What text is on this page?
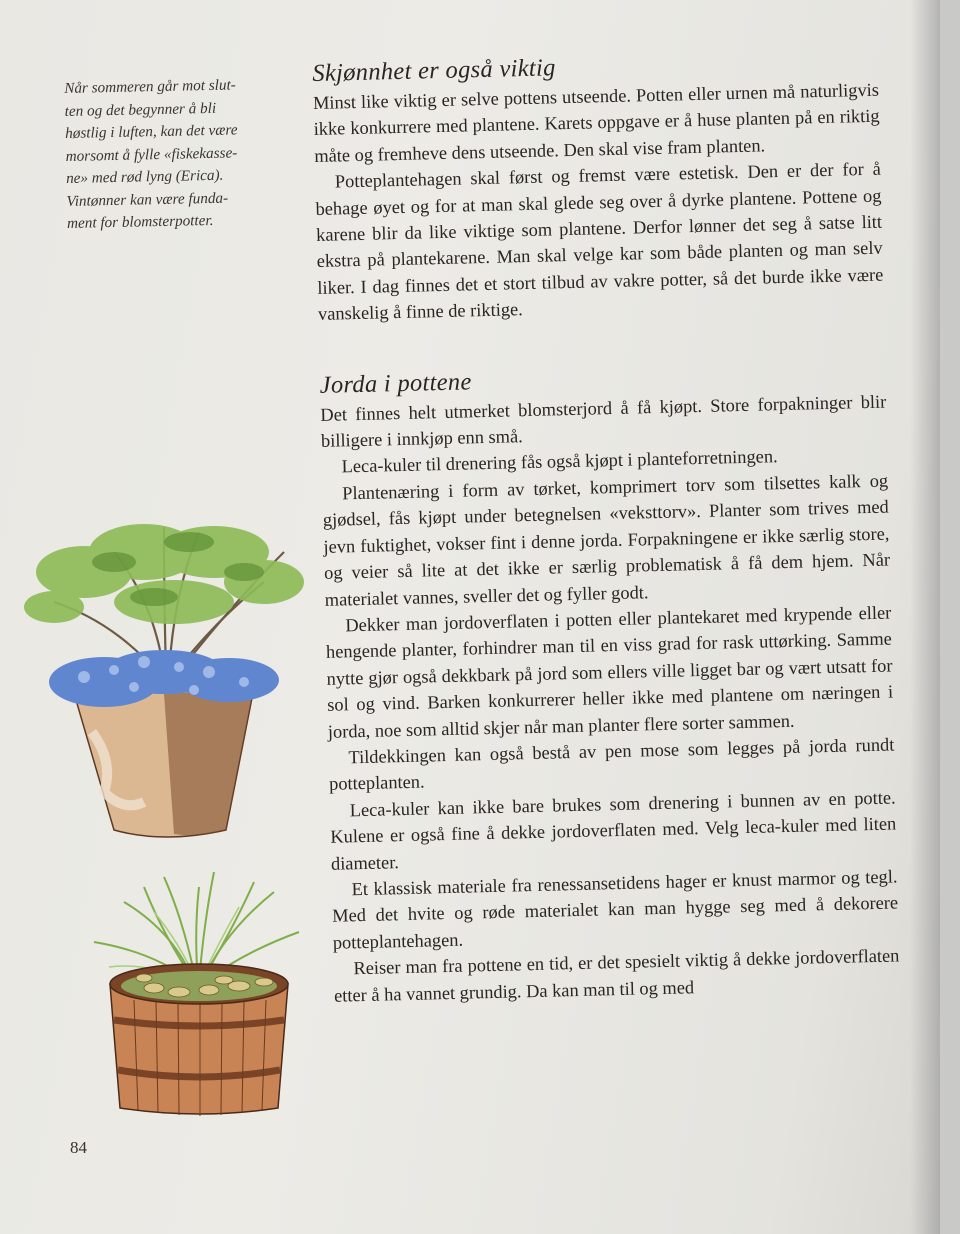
Når sommeren går mot slut-
ten og det begynner å bli
høstlig i luften, kan det være
morsomt å fylle «fiskekasse-
ne» med rød lyng (Erica).
Vintønner kan være funda-
ment for blomsterpotter.
Skjønnhet er også viktig

Minst like viktig er selve pottens utseende. Potten eller urnen må naturligvis ikke konkurrere med plantene. Karets oppgave er å huse planten på en riktig måte og fremheve dens utseende. Den skal vise fram planten.

Potteplantehagen skal først og fremst være estetisk. Den er der for å behage øyet og for at man skal glede seg over å dyrke plantene. Pottene og karene blir da like viktige som plantene. Derfor lønner det seg å satse litt ekstra på plantekarene. Man skal velge kar som både planten og man selv liker. I dag finnes det et stort tilbud av vakre potter, så det burde ikke være vanskelig å finne de riktige.

Jorda i pottene

Det finnes helt utmerket blomsterjord å få kjøpt. Store forpakninger blir billigere i innkjøp enn små.

Leca-kuler til drenering fås også kjøpt i planteforretningen.

Plantenæring i form av tørket, komprimert torv som tilsettes kalk og gjødsel, fås kjøpt under betegnelsen «veksttorv». Planter som trives med jevn fuktighet, vokser fint i denne jorda. Forpakningene er ikke særlig store, og veier så lite at det ikke er særlig problematisk å få dem hjem. Når materialet vannes, sveller det og fyller godt.

Dekker man jordoverflaten i potten eller plantekaret med krypende eller hengende planter, forhindrer man til en viss grad for rask uttørking. Samme nytte gjør også dekkbark på jord som ellers ville ligget bar og vært utsatt for sol og vind. Barken konkurrerer heller ikke med plantene om næringen i jorda, noe som alltid skjer når man planter flere sorter sammen.

Tildekkingen kan også bestå av pen mose som legges på jorda rundt potteplanten.

Leca-kuler kan ikke bare brukes som drenering i bunnen av en potte. Kulene er også fine å dekke jordoverflaten med. Velg leca-kuler med liten diameter.

Et klassisk materiale fra renessansetidens hager er knust marmor og tegl. Med det hvite og røde materialet kan man hygge seg med å dekorere potteplantehagen.

Reiser man fra pottene en tid, er det spesielt viktig å dekke jordoverflaten etter å ha vannet grundig. Da kan man til og med

84
